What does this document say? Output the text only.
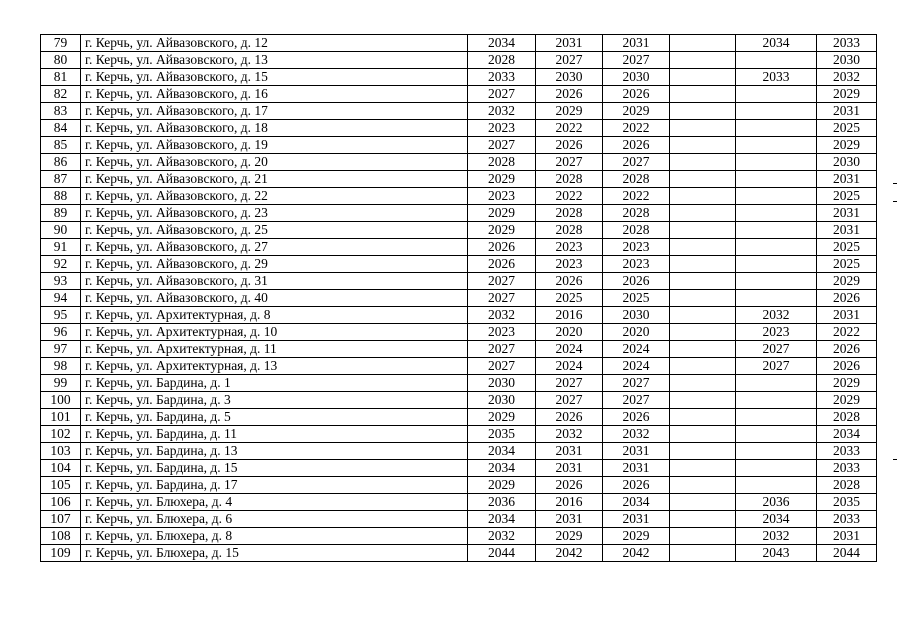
79	г. Керчь, ул. Айвазовского, д. 12	2034	2031	2031		2034	2033
80	г. Керчь, ул. Айвазовского, д. 13	2028	2027	2027			2030
81	г. Керчь, ул. Айвазовского, д. 15	2033	2030	2030		2033	2032
82	г. Керчь, ул. Айвазовского, д. 16	2027	2026	2026			2029
83	г. Керчь, ул. Айвазовского, д. 17	2032	2029	2029			2031
84	г. Керчь, ул. Айвазовского, д. 18	2023	2022	2022			2025
85	г. Керчь, ул. Айвазовского, д. 19	2027	2026	2026			2029
86	г. Керчь, ул. Айвазовского, д. 20	2028	2027	2027			2030
87	г. Керчь, ул. Айвазовского, д. 21	2029	2028	2028			2031
88	г. Керчь, ул. Айвазовского, д. 22	2023	2022	2022			2025
89	г. Керчь, ул. Айвазовского, д. 23	2029	2028	2028			2031
90	г. Керчь, ул. Айвазовского, д. 25	2029	2028	2028			2031
91	г. Керчь, ул. Айвазовского, д. 27	2026	2023	2023			2025
92	г. Керчь, ул. Айвазовского, д. 29	2026	2023	2023			2025
93	г. Керчь, ул. Айвазовского, д. 31	2027	2026	2026			2029
94	г. Керчь, ул. Айвазовского, д. 40	2027	2025	2025			2026
95	г. Керчь, ул. Архитектурная, д. 8	2032	2016	2030		2032	2031
96	г. Керчь, ул. Архитектурная, д. 10	2023	2020	2020		2023	2022
97	г. Керчь, ул. Архитектурная, д. 11	2027	2024	2024		2027	2026
98	г. Керчь, ул. Архитектурная, д. 13	2027	2024	2024		2027	2026
99	г. Керчь, ул. Бардина, д. 1	2030	2027	2027			2029
100	г. Керчь, ул. Бардина, д. 3	2030	2027	2027			2029
101	г. Керчь, ул. Бардина, д. 5	2029	2026	2026			2028
102	г. Керчь, ул. Бардина, д. 11	2035	2032	2032			2034
103	г. Керчь, ул. Бардина, д. 13	2034	2031	2031			2033
104	г. Керчь, ул. Бардина, д. 15	2034	2031	2031			2033
105	г. Керчь, ул. Бардина, д. 17	2029	2026	2026			2028
106	г. Керчь, ул. Блюхера, д. 4	2036	2016	2034		2036	2035
107	г. Керчь, ул. Блюхера, д. 6	2034	2031	2031		2034	2033
108	г. Керчь, ул. Блюхера, д. 8	2032	2029	2029		2032	2031
109	г. Керчь, ул. Блюхера, д. 15	2044	2042	2042		2043	2044
